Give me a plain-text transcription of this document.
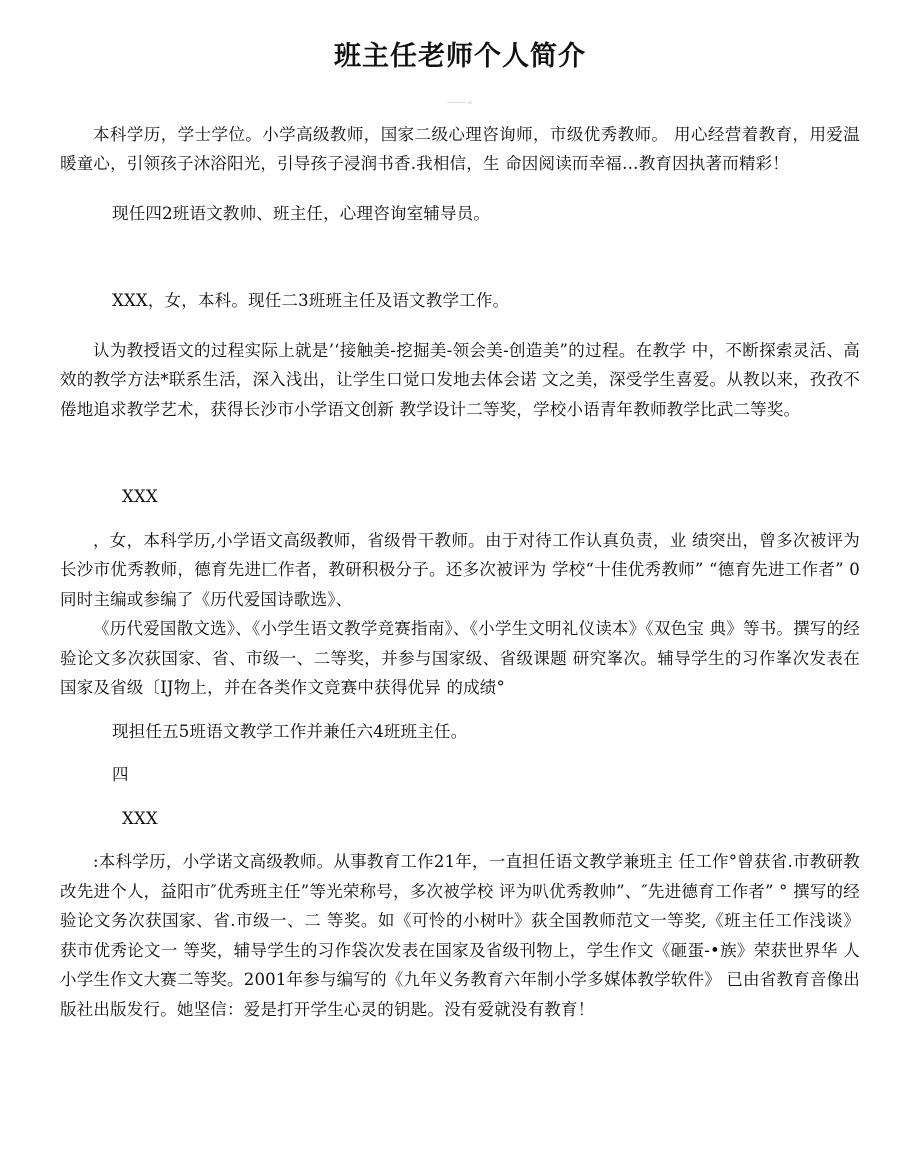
班主任老师个人简介
—-·-·-ㄨ

本科学历，学士学位。小学高级教师，国家二级心理咨询师，市级优秀教师。 用心经营着教育，用爱温暖童心，引领孩子沐浴阳光，引导孩子浸润书香.我相信，生 命因阅读而幸福…教育因执著而精彩！

现任四2班语文教帅、班主任，心理咨询室辅导员。

XXX，女，本科。现任二3班班主任及语文教学工作。

认为教授语文的过程实际上就是’‘接触美-挖掘美-领会美-创造美”的过程。在教学 中，不断探索灵活、高效的教学方法*联系生活，深入浅出，让学生口觉口发地去体会诺 文之美，深受学生喜爱。从教以来，孜孜不倦地追求教学艺术，获得长沙市小学语文创新 教学设计二等奖，学校小语青年教师教学比武二等奖。

XXX

，女，本科学历,小学语文高级教师，省级骨干教师。由于对待工作认真负责，业 绩突出，曾多次被评为长沙市优秀教师，德育先进匚作者，教研积极分子。还多次被评为 学校“十佳优秀教师” “德育先进工作者” 0同时主编或参编了《历代爱国诗歌选》、

《历代爱国散文选》、《小学生语文教学竞赛指南》、《小学生文明礼仪读本》《双色宝 典》等书。撰写的经验论文多次荻国家、省、市级一、二等奖，并参与国家级、省级课题 研究峯次。辅导学生的习作峯次发表在国家及省级〔IJ物上，并在各类作文竞赛中获得优异 的成绩°

现担任五5班语文教学工作并兼任六4班班主任。

四

XXX

:本科学历，小学诺文高级教师。从事教育工作21年，一直担任语文教学兼班主 任工作°曾获省.市教研教改先进个人，益阳市″优秀班主任”等光荣称号，多次被学校 评为叭优秀教帅”、″先进德育工作者” ° 撰写的经验论文务次获国家、省.市级一、二 等奖。如《可怜的小树叶》荻全国教师范文一等奖,《班主任工作浅谈》获市优秀论文一 等奖，辅导学生的习作袋次发表在国家及省级刊物上，学生作文《砸蛋-•族》荣获世界华 人小学生作文大赛二等奖。2001年参与编写的《九年义务教育六年制小学多媒体教学软件》 已由省教育音像出版社出版发行。她坚信：爱是打开学生心灵的钥匙。没有爱就没有教育！
